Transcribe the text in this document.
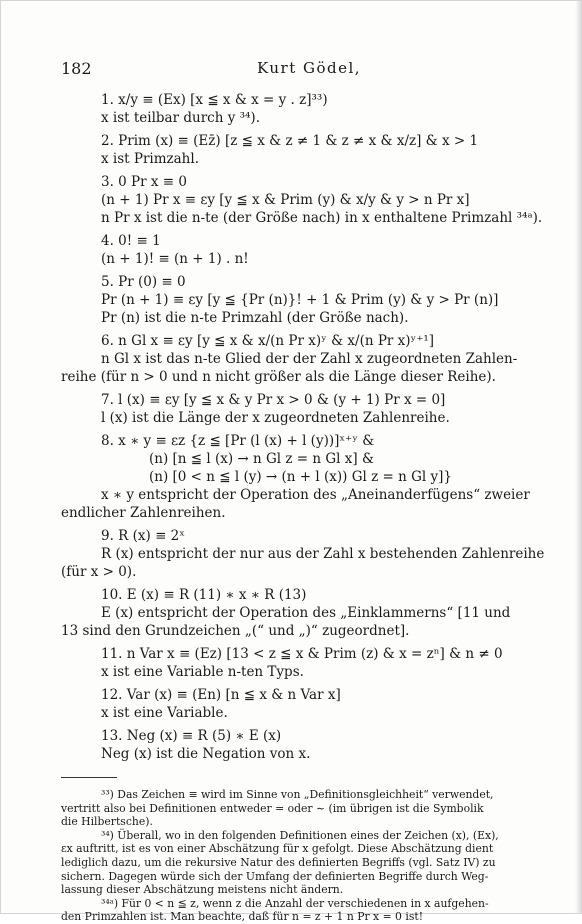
182	Kurt Gödel,
1. x/y ≡ (Ex) [x ≦ x & x = y . z]³³)
x ist teilbar durch y ³⁴).
2. Prim (x) ≡ (Ez̄) [z ≦ x & z ≠ 1 & z ≠ x & x/z] & x > 1
x ist Primzahl.
3. 0 Pr x ≡ 0
(n + 1) Pr x ≡ εy [y ≦ x & Prim (y) & x/y & y > n Pr x]
n Pr x ist die n-te (der Größe nach) in x enthaltene Primzahl ³⁴ᵃ).
4. 0! ≡ 1
(n + 1)! ≡ (n + 1) . n!
5. Pr (0) ≡ 0
Pr (n + 1) ≡ εy [y ≦ {Pr (n)}! + 1 & Prim (y) & y > Pr (n)]
Pr (n) ist die n-te Primzahl (der Größe nach).
6. n Gl x ≡ εy [y ≦ x & x/(n Pr x)ʸ & x/(n Pr x)ʸ⁺¹]
n Gl x ist das n-te Glied der der Zahl x zugeordneten Zahlen-
reihe (für n > 0 und n nicht größer als die Länge dieser Reihe).
7. l (x) ≡ εy [y ≦ x & y Pr x > 0 & (y + 1) Pr x = 0]
l (x) ist die Länge der x zugeordneten Zahlenreihe.
8. x ∗ y ≡ εz {z ≦ [Pr (l (x) + l (y))]ˣ⁺ʸ &
(n) [n ≦ l (x) → n Gl z = n Gl x] &
(n) [0 < n ≦ l (y) → (n + l (x)) Gl z = n Gl y]}
x ∗ y entspricht der Operation des „Aneinanderfügens“ zweier
endlicher Zahlenreihen.
9. R (x) ≡ 2ˣ
R (x) entspricht der nur aus der Zahl x bestehenden Zahlenreihe
(für x > 0).
10. E (x) ≡ R (11) ∗ x ∗ R (13)
E (x) entspricht der Operation des „Einklammerns“ [11 und
13 sind den Grundzeichen „(“ und „)“ zugeordnet].
11. n Var x ≡ (Ez) [13 < z ≦ x & Prim (z) & x = zⁿ] & n ≠ 0
x ist eine Variable n-ten Typs.
12. Var (x) ≡ (En) [n ≦ x & n Var x]
x ist eine Variable.
13. Neg (x) ≡ R (5) ∗ E (x)
Neg (x) ist die Negation von x.
³³) Das Zeichen ≡ wird im Sinne von „Definitionsgleichheit“ verwendet,
vertritt also bei Definitionen entweder = oder ∼ (im übrigen ist die Symbolik
die Hilbertsche).
³⁴) Überall, wo in den folgenden Definitionen eines der Zeichen (x), (Ex),
εx auftritt, ist es von einer Abschätzung für x gefolgt. Diese Abschätzung dient
lediglich dazu, um die rekursive Natur des definierten Begriffs (vgl. Satz IV) zu
sichern. Dagegen würde sich der Umfang der definierten Begriffe durch Weg-
lassung dieser Abschätzung meistens nicht ändern.
³⁴ᵃ) Für 0 < n ≦ z, wenn z die Anzahl der verschiedenen in x aufgehen-
den Primzahlen ist. Man beachte, daß für n = z + 1 n Pr x = 0 ist!
